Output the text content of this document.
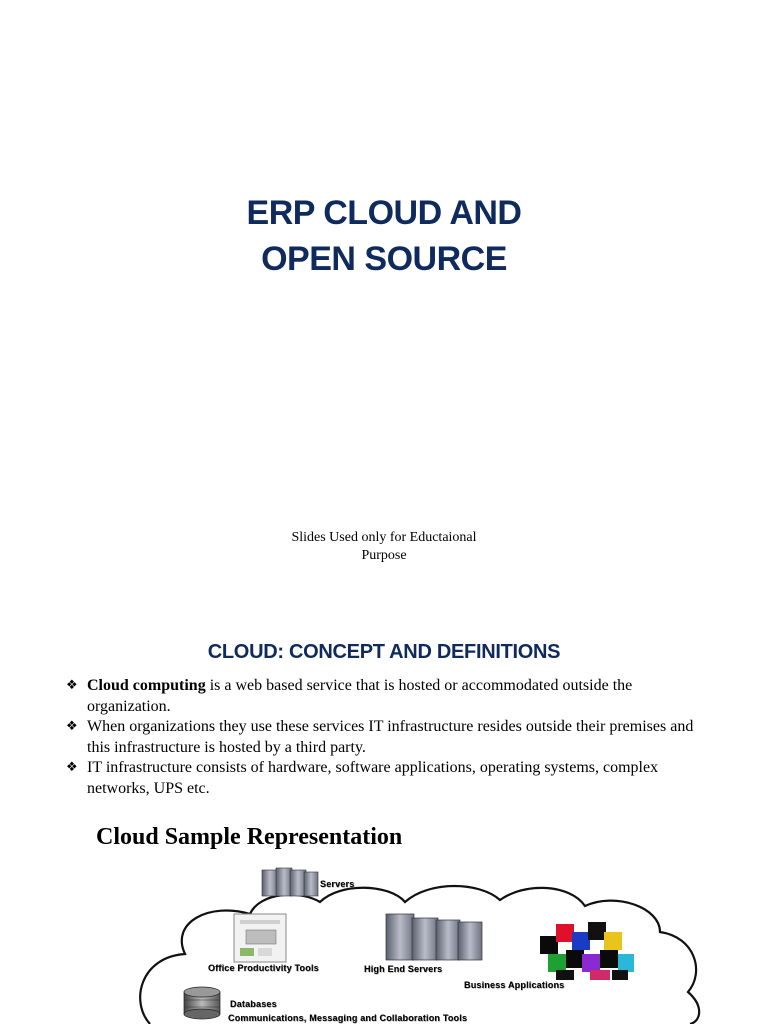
ERP CLOUD AND
OPEN SOURCE
Slides Used only for Eductaional
Purpose
CLOUD: CONCEPT AND DEFINITIONS
❖ Cloud computing is a web based service that is hosted or accommodated outside the organization.
❖ When organizations they use these services IT infrastructure resides outside their premises and this infrastructure is hosted by a third party.
❖ IT infrastructure consists of hardware, software applications, operating systems, complex networks, UPS etc.
Cloud Sample Representation
Servers
Office Productivity Tools	High End Servers
Business Applications
Databases
Communications, Messaging and Collaboration Tools
